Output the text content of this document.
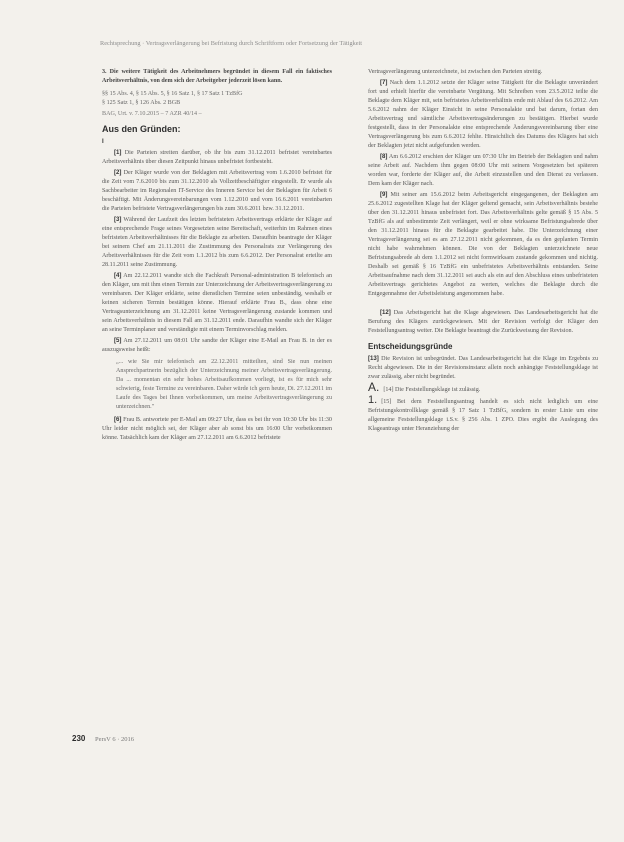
Rechtsprechung · Vertragsverlängerung bei Befristung durch Schriftform oder Fortsetzung der Tätigkeit

3. Die weitere Tätigkeit des Arbeitnehmers begründet in diesem Fall ein faktisches Arbeitsverhältnis, von dem sich der Arbeitgeber jederzeit lösen kann.

§§ 15 Abs. 4, § 15 Abs. 5, § 16 Satz 1, § 17 Satz 1 TzBfG
§ 125 Satz 1, § 126 Abs. 2 BGB
BAG, Urt. v. 7.10.2015 – 7 AZR 40/14 –
Aus den Gründen:

I

[1] Die Parteien streiten darüber, ob ihr bis zum 31.12.2011 befristet vereinbartes Arbeitsverhältnis über diesen Zeitpunkt hinaus unbefristet fortbesteht.

[2] Der Kläger wurde von der Beklagten mit Arbeitsvertrag vom 1.6.2010 befristet für die Zeit vom 7.6.2010 bis zum 31.12.2010 als Vollzeitbeschäftigter eingestellt. Er wurde als Sachbearbeiter im Regionalen IT-Service des Inneren Service bei der Beklagten für Arbeit 6 beschäftigt. Mit Änderungsvereinbarungen vom 1.12.2010 und vom 16.6.2011 vereinbarten die Parteien befristete Vertragsverlängerungen bis zum 30.6.2011 bzw. 31.12.2011.

[3] Während der Laufzeit des letzten befristeten Arbeitsvertrags erklärte der Kläger auf eine entsprechende Frage seines Vorgesetzten seine Bereitschaft, weiterhin im Rahmen eines befristeten Arbeitsverhältnisses für die Beklagte zu arbeiten. Daraufhin beantragte der Kläger bei seinem Chef am 21.11.2011 die Zustimmung des Personalrats zur Verlängerung des Arbeitsverhältnisses für die Zeit vom 1.1.2012 bis zum 6.6.2012. Der Personalrat erteilte am 28.11.2011 seine Zustimmung.

[4] Am 22.12.2011 wandte sich die Fachkraft Personal-administration B telefonisch an den Kläger, um mit ihm einen Termin zur Unterzeichnung der Arbeitsvertragsverlängerung zu vereinbaren. Der Kläger erklärte, seine dienstlichen Termine seien unbeständig, weshalb er keinen sicheren Termin bestätigen könne. Hierauf erklärte Frau B., dass ohne eine Vertragsunterzeichnung am 31.12.2011 keine Vertragsverlängerung zustande kommen und sein Arbeitsverhältnis in diesem Fall am 31.12.2011 ende. Daraufhin wandte sich der Kläger an seine Terminplaner und verständigte mit einem Terminvorschlag melden.

[5] Am 27.12.2011 um 08:01 Uhr sandte der Kläger eine E-Mail an Frau B. in der es auszugsweise heißt:

„... wie Sie mir telefonisch am 22.12.2011 mitteilten, sind Sie nun meinen Ansprechpartnerin bezüglich der Unterzeichnung meiner Arbeitsvertragsverlängerung. Da ... momentan ein sehr hohes Arbeitsaufkommen vorliegt, ist es für mich sehr schwierig, feste Termine zu vereinbaren. Daher würde ich gern heute, Di. 27.12.2011 im Laufe des Tages bei Ihnen vorbeikommen, um meine Arbeitsvertragsverlängerung zu unterzeichnen."

[6] Frau B. antwortete per E-Mail am 09:27 Uhr, dass es bei ihr von 10:30 Uhr bis 11:30 Uhr leider nicht möglich sei, der Kläger aber ab sonst bis um 16:00 Uhr vorbeikommen könne. Tatsächlich kam der Kläger am 27.12.2011 am 6.6.2012 befristete

Vertragsverlängerung unterzeichnete, ist zwischen den Parteien streitig.

[7] Nach dem 1.1.2012 setzte der Kläger seine Tätigkeit für die Beklagte unverändert fort und erhielt hierfür die vereinbarte Vergütung. Mit Schreiben vom 23.5.2012 teilte die Beklagte dem Kläger mit, sein befristetes Arbeitsverhältnis ende mit Ablauf des 6.6.2012. Am 5.6.2012 nahm der Kläger Einsicht in seine Personalakte und bat darum, fortan den Arbeitsvertrag und sämtliche Arbeitsvertragsänderungen zu bestätigen. Hierbei wurde festgestellt, dass in der Personalakte eine entsprechende Änderungsvereinbarung über eine Vertragsverlängerung bis zum 6.6.2012 fehlte. Hinsichtlich des Datums des Klägers hat sich der Beklagten jetzt nicht aufgefunden werden.

[8] Am 6.6.2012 erschien der Kläger um 07:30 Uhr im Betrieb der Beklagten und nahm seine Arbeit auf. Nachdem ihm gegen 08:00 Uhr mit seinem Vorgesetzten bei späteren worden war, forderte der Kläger auf, die Arbeit einzustellen und den Dienst zu verlassen. Dem kam der Kläger nach.

[9] Mit seiner am 15.6.2012 beim Arbeitsgericht eingegangenen, der Beklagten am 25.6.2012 zugestellten Klage hat der Kläger geltend gemacht, sein Arbeitsverhältnis bestehe über den 31.12.2011 hinaus unbefristet fort. Das Arbeitsverhältnis gelte gemäß § 15 Abs. 5 TzBfG als auf unbestimmte Zeit verlängert, weil er ohne wirksame Befristungsabrede über den 31.12.2011 hinaus für die Beklagte gearbeitet habe. Die Unterzeichnung einer Vertragsverlängerung sei es am 27.12.2011 nicht gekommen, da es den geplanten Termin nicht habe wahrnehmen können. Die von der Beklagten unterzeichnete neue Befristungsabrede ab dem 1.1.2012 sei nicht formwirksam zustande gekommen und nichtig. Deshalb sei gemäß § 16 TzBfG ein unbefristetes Arbeitsverhältnis entstanden. Seine Arbeitsaufnahme nach dem 31.12.2011 sei auch als ein auf den Abschluss eines unbefristeten Arbeitsvertrags gerichtetes Angebot zu werten, welches die Beklagte durch die Entgegennahme der Arbeitsleistung angenommen habe.

[12] Das Arbeitsgericht hat die Klage abgewiesen. Das Landesarbeitsgericht hat die Berufung des Klägers zurückgewiesen. Mit der Revision verfolgt der Kläger den Feststellungsantrag weiter. Die Beklagte beantragt die Zurückweisung der Revision.

Entscheidungsgründe

[13] Die Revision ist unbegründet. Das Landesarbeitsgericht hat die Klage im Ergebnis zu Recht abgewiesen. Die in der Revisionsinstanz allein noch anhängige Feststellungsklage ist zwar zulässig, aber nicht begründet.

A. [14] Die Feststellungsklage ist zulässig.

1. [15] Bei dem Feststellungsantrag handelt es sich nicht lediglich um eine Befristungskontrollklage gemäß § 17 Satz 1 TzBfG, sondern in erster Linie um eine allgemeine Feststellungsklage i.S.v. § 256 Abs. 1 ZPO. Dies ergibt die Auslegung des Klageantrags unter Heranziehung der

230 PersV 6 · 2016
